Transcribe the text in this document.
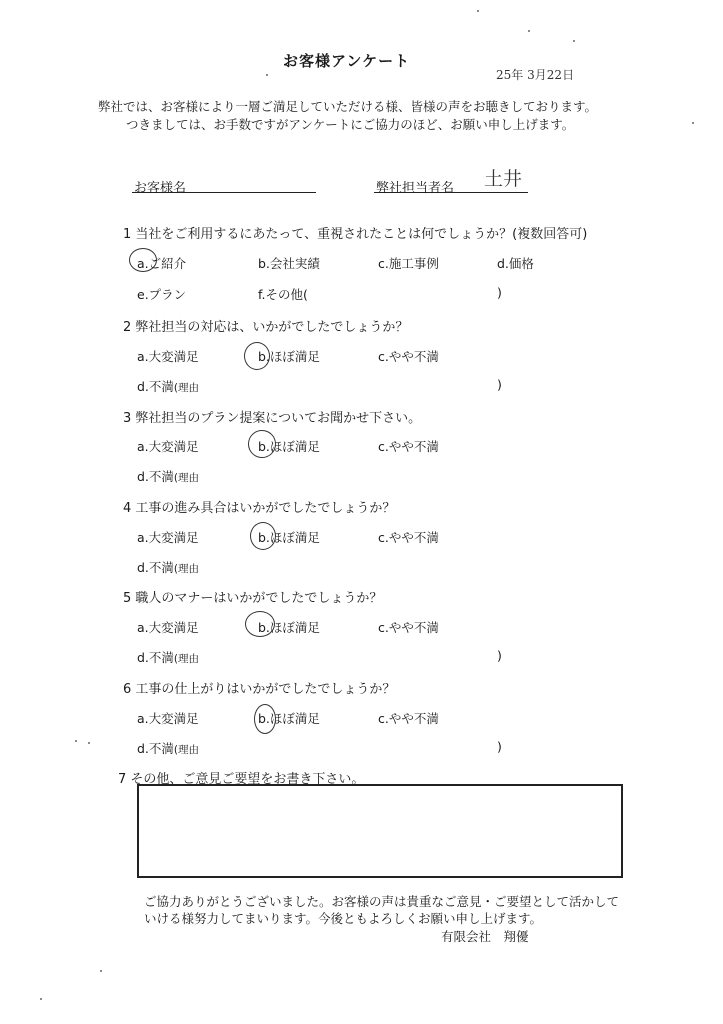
お客様アンケート
25年 3月22日
弊社では、お客様により一層ご満足していただける様、皆様の声をお聴きしております。
つきましては、お手数ですがアンケートにご協力のほど、お願い申し上げます。
お客様名	弊社担当者名 土井
1 当社をご利用するにあたって、重視されたことは何でしょうか？(複数回答可)
a.ご紹介	b.会社実績	c.施工事例	d.価格
e.プラン	f.その他(	)
2 弊社担当の対応は、いかがでしたでしょうか？
a.大変満足	b.ほぼ満足	c.やや不満
d.不満(理由	)
3 弊社担当のプラン提案についてお聞かせ下さい。
a.大変満足	b.ほぼ満足	c.やや不満
d.不満(理由
4 工事の進み具合はいかがでしたでしょうか？
a.大変満足	b.ほぼ満足	c.やや不満
d.不満(理由
5 職人のマナーはいかがでしたでしょうか？
a.大変満足	b.ほぼ満足	c.やや不満
d.不満(理由	)
6 工事の仕上がりはいかがでしたでしょうか？
a.大変満足	b.ほぼ満足	c.やや不満
d.不満(理由	)
7 その他、ご意見ご要望をお書き下さい。
ご協力ありがとうございました。お客様の声は貴重なご意見・ご要望として活かして
いける様努力してまいります。今後ともよろしくお願い申し上げます。
有限会社　翔優
